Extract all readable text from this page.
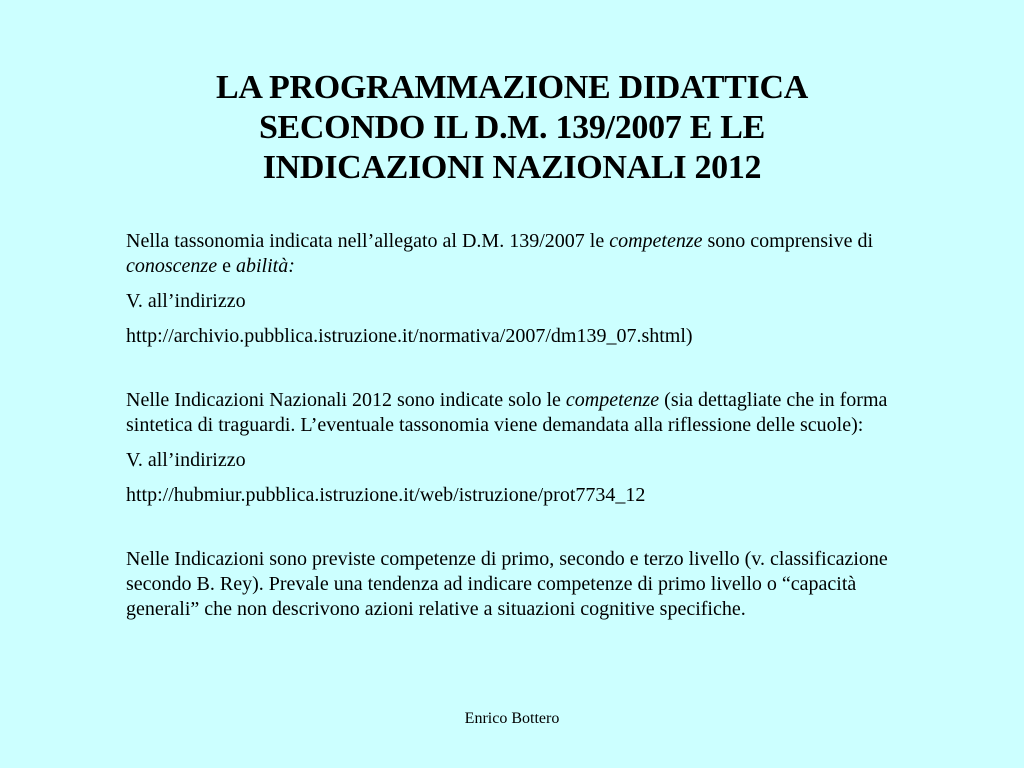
LA PROGRAMMAZIONE DIDATTICA
SECONDO IL D.M. 139/2007 E LE
INDICAZIONI NAZIONALI 2012

Nella tassonomia indicata nell’allegato al D.M. 139/2007 le competenze sono comprensive di conoscenze e abilità:

V. all’indirizzo

http://archivio.pubblica.istruzione.it/normativa/2007/dm139_07.shtml)

Nelle Indicazioni Nazionali 2012 sono indicate solo le competenze (sia dettagliate che in forma sintetica di traguardi. L’eventuale tassonomia viene demandata alla riflessione delle scuole):

V. all’indirizzo

http://hubmiur.pubblica.istruzione.it/web/istruzione/prot7734_12

Nelle Indicazioni sono previste competenze di primo, secondo e terzo livello (v. classificazione secondo B. Rey). Prevale una tendenza ad indicare competenze di primo livello o “capacità generali” che non descrivono azioni relative a situazioni cognitive specifiche.

Enrico Bottero
